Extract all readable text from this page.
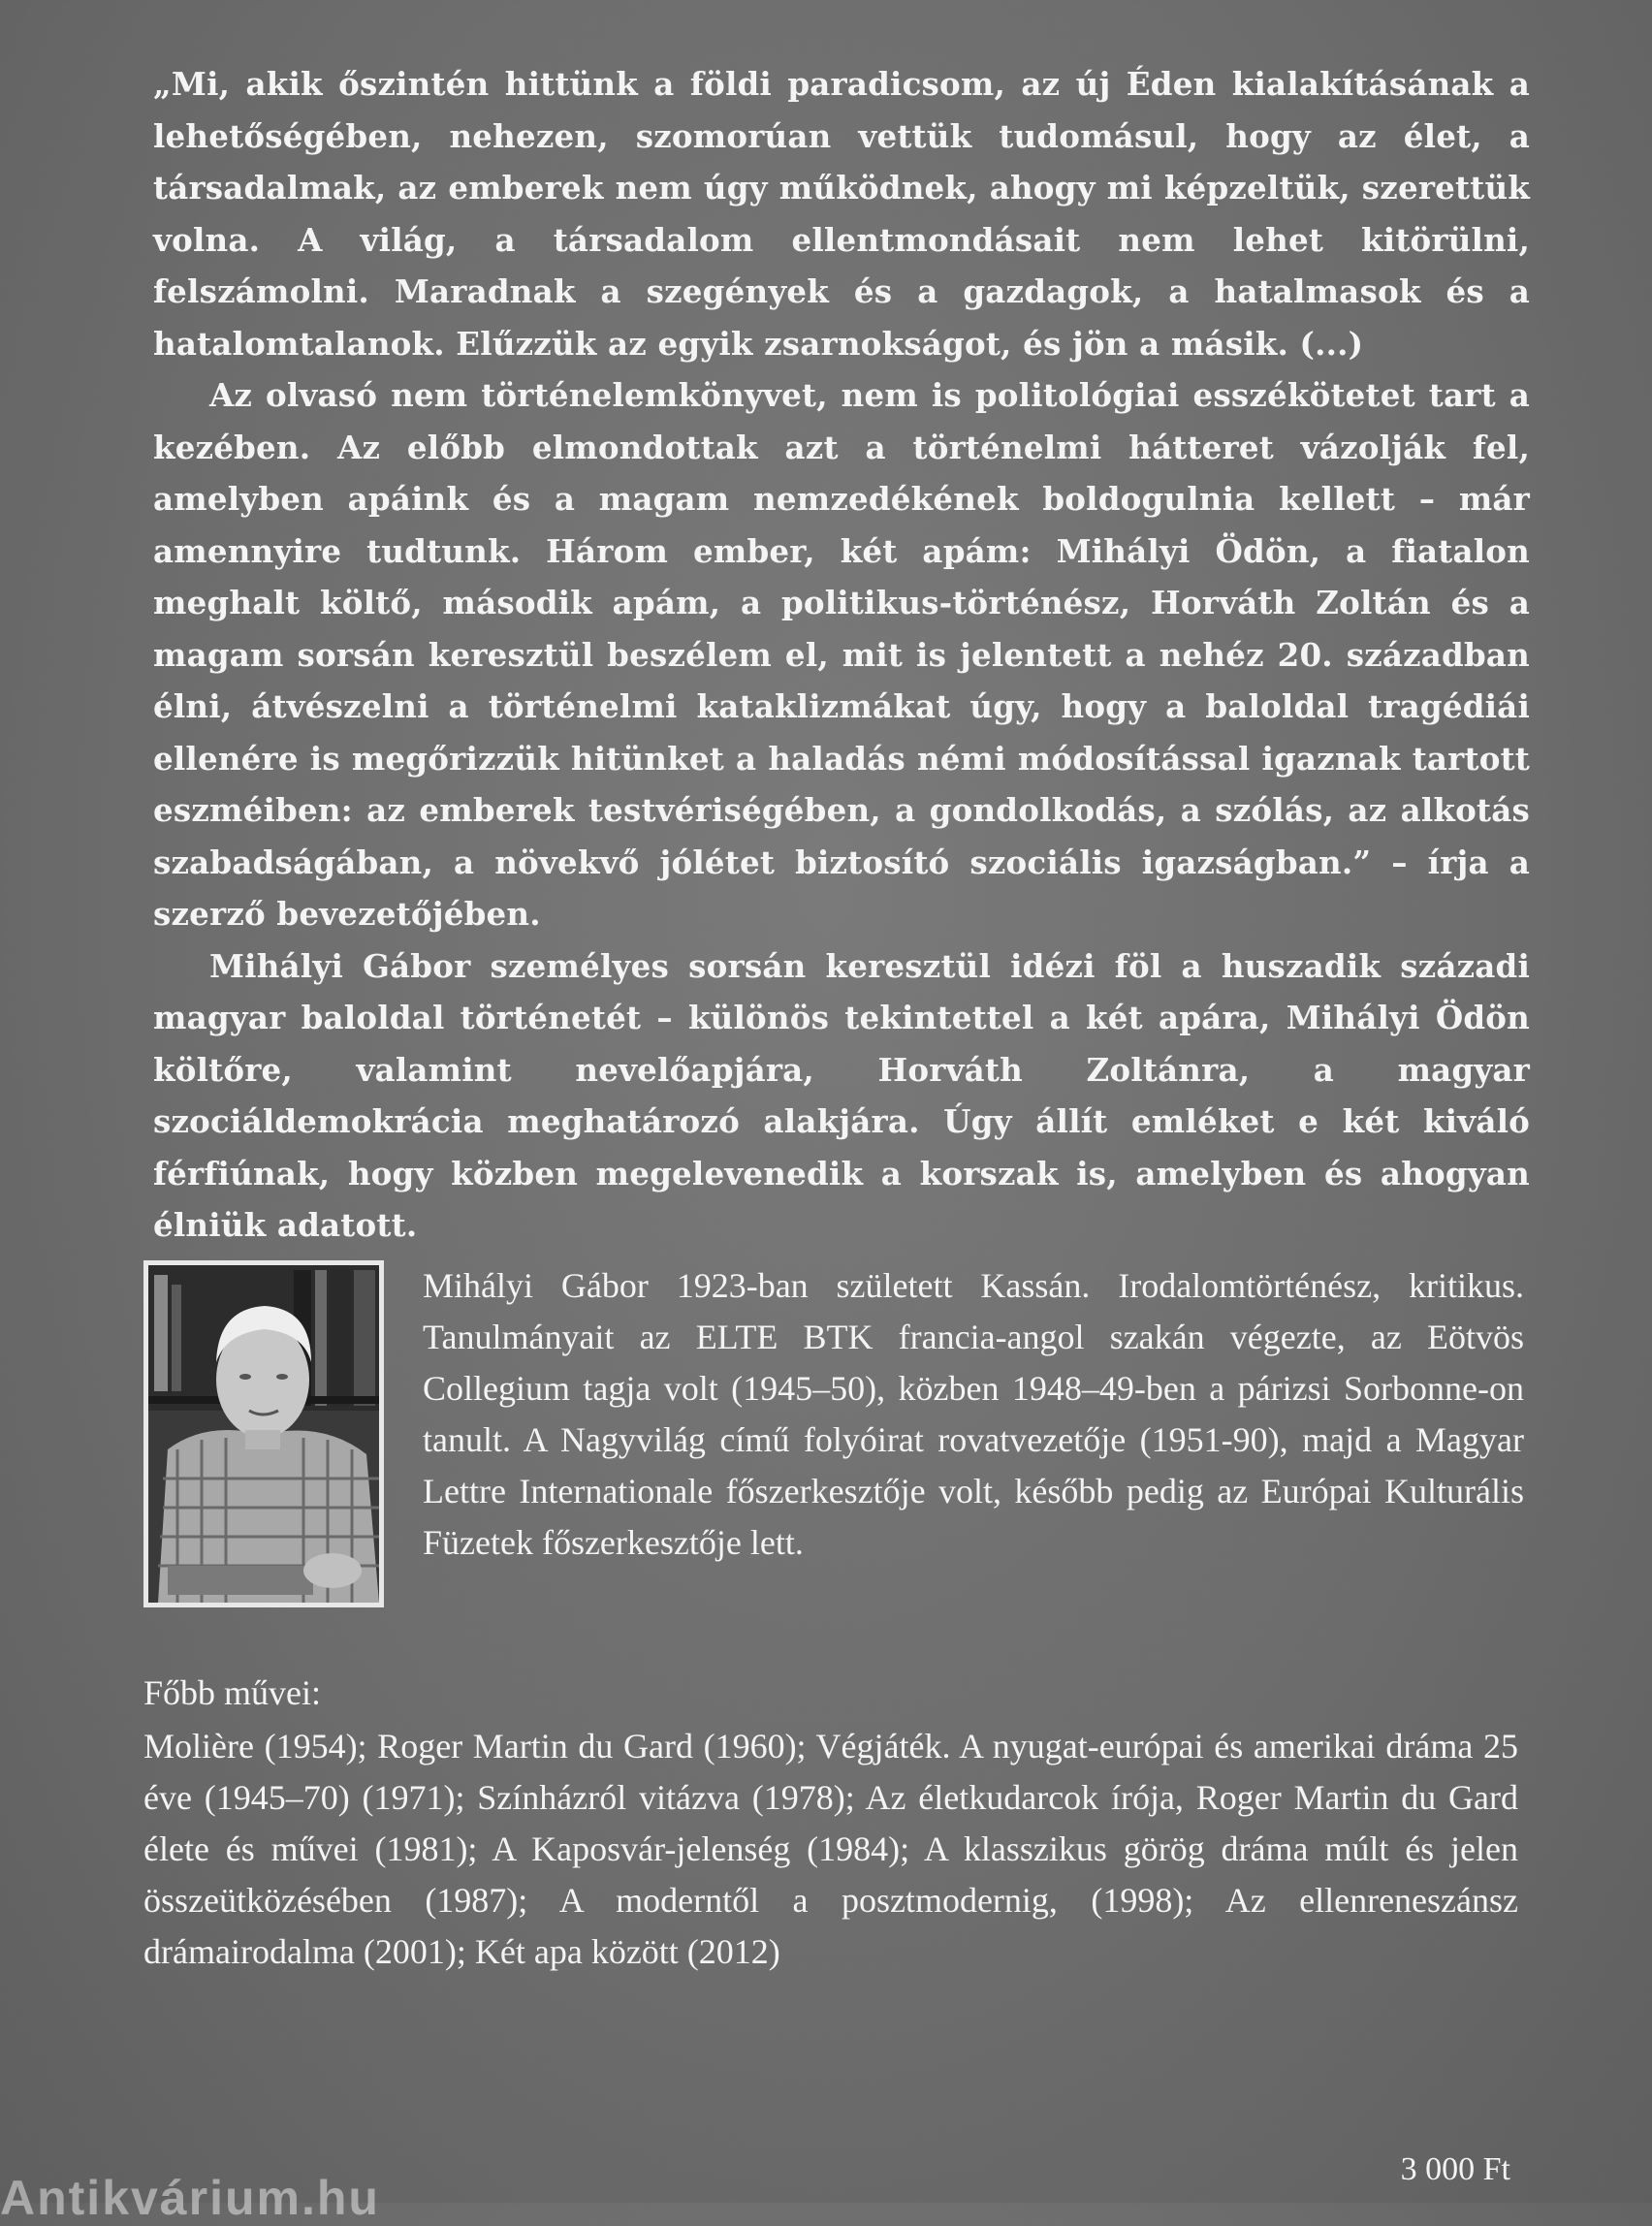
„Mi, akik őszintén hittünk a földi paradicsom, az új Éden kialakításának a lehetőségében, nehezen, szomorúan vettük tudomásul, hogy az élet, a társadalmak, az emberek nem úgy működnek, ahogy mi képzeltük, szerettük volna. A világ, a társadalom ellentmondásait nem lehet kitörülni, felszámolni. Maradnak a szegények és a gazdagok, a hatalmasok és a hatalomtalanok. Elűzzük az egyik zsarnokságot, és jön a másik. (...)

Az olvasó nem történelemkönyvet, nem is politológiai esszékötetet tart a kezében. Az előbb elmondottak azt a történelmi hátteret vázolják fel, amelyben apáink és a magam nemzedékének boldogulnia kellett – már amennyire tudtunk. Három ember, két apám: Mihályi Ödön, a fiatalon meghalt költő, második apám, a politikus-történész, Horváth Zoltán és a magam sorsán keresztül beszélem el, mit is jelentett a nehéz 20. században élni, átvészelni a történelmi kataklizmákat úgy, hogy a baloldal tragédiái ellenére is megőrizzük hitünket a haladás némi módosítással igaznak tartott eszméiben: az emberek testvériségében, a gondolkodás, a szólás, az alkotás szabadságában, a növekvő jólétet biztosító szociális igazságban.” – írja a szerző bevezetőjében.

Mihályi Gábor személyes sorsán keresztül idézi föl a huszadik századi magyar baloldal történetét – különös tekintettel a két apára, Mihályi Ödön költőre, valamint nevelőapjára, Horváth Zoltánra, a magyar szociáldemokrácia meghatározó alakjára. Úgy állít emléket e két kiváló férfiúnak, hogy közben megelevenedik a korszak is, amelyben és ahogyan élniük adatott.

Mihályi Gábor 1923-ban született Kassán. Irodalomtörténész, kritikus. Tanulmányait az ELTE BTK francia-angol szakán végezte, az Eötvös Collegium tagja volt (1945–50), közben 1948–49-ben a párizsi Sorbonne-on tanult. A Nagyvilág című folyóirat rovatvezetője (1951-90), majd a Magyar Lettre Internationale főszerkesztője volt, később pedig az Európai Kulturális Füzetek főszerkesztője lett.

Főbb művei:

Molière (1954); Roger Martin du Gard (1960); Végjáték. A nyugat-európai és amerikai dráma 25 éve (1945–70) (1971); Színházról vitázva (1978); Az életkudarcok írója, Roger Martin du Gard élete és művei (1981); A Kaposvár-jelenség (1984); A klasszikus görög dráma múlt és jelen összeütközésében (1987); A moderntől a posztmodernig, (1998); Az ellenreneszánsz drámairodalma (2001); Két apa között (2012)

3 000 Ft
Antikvárium.hu
